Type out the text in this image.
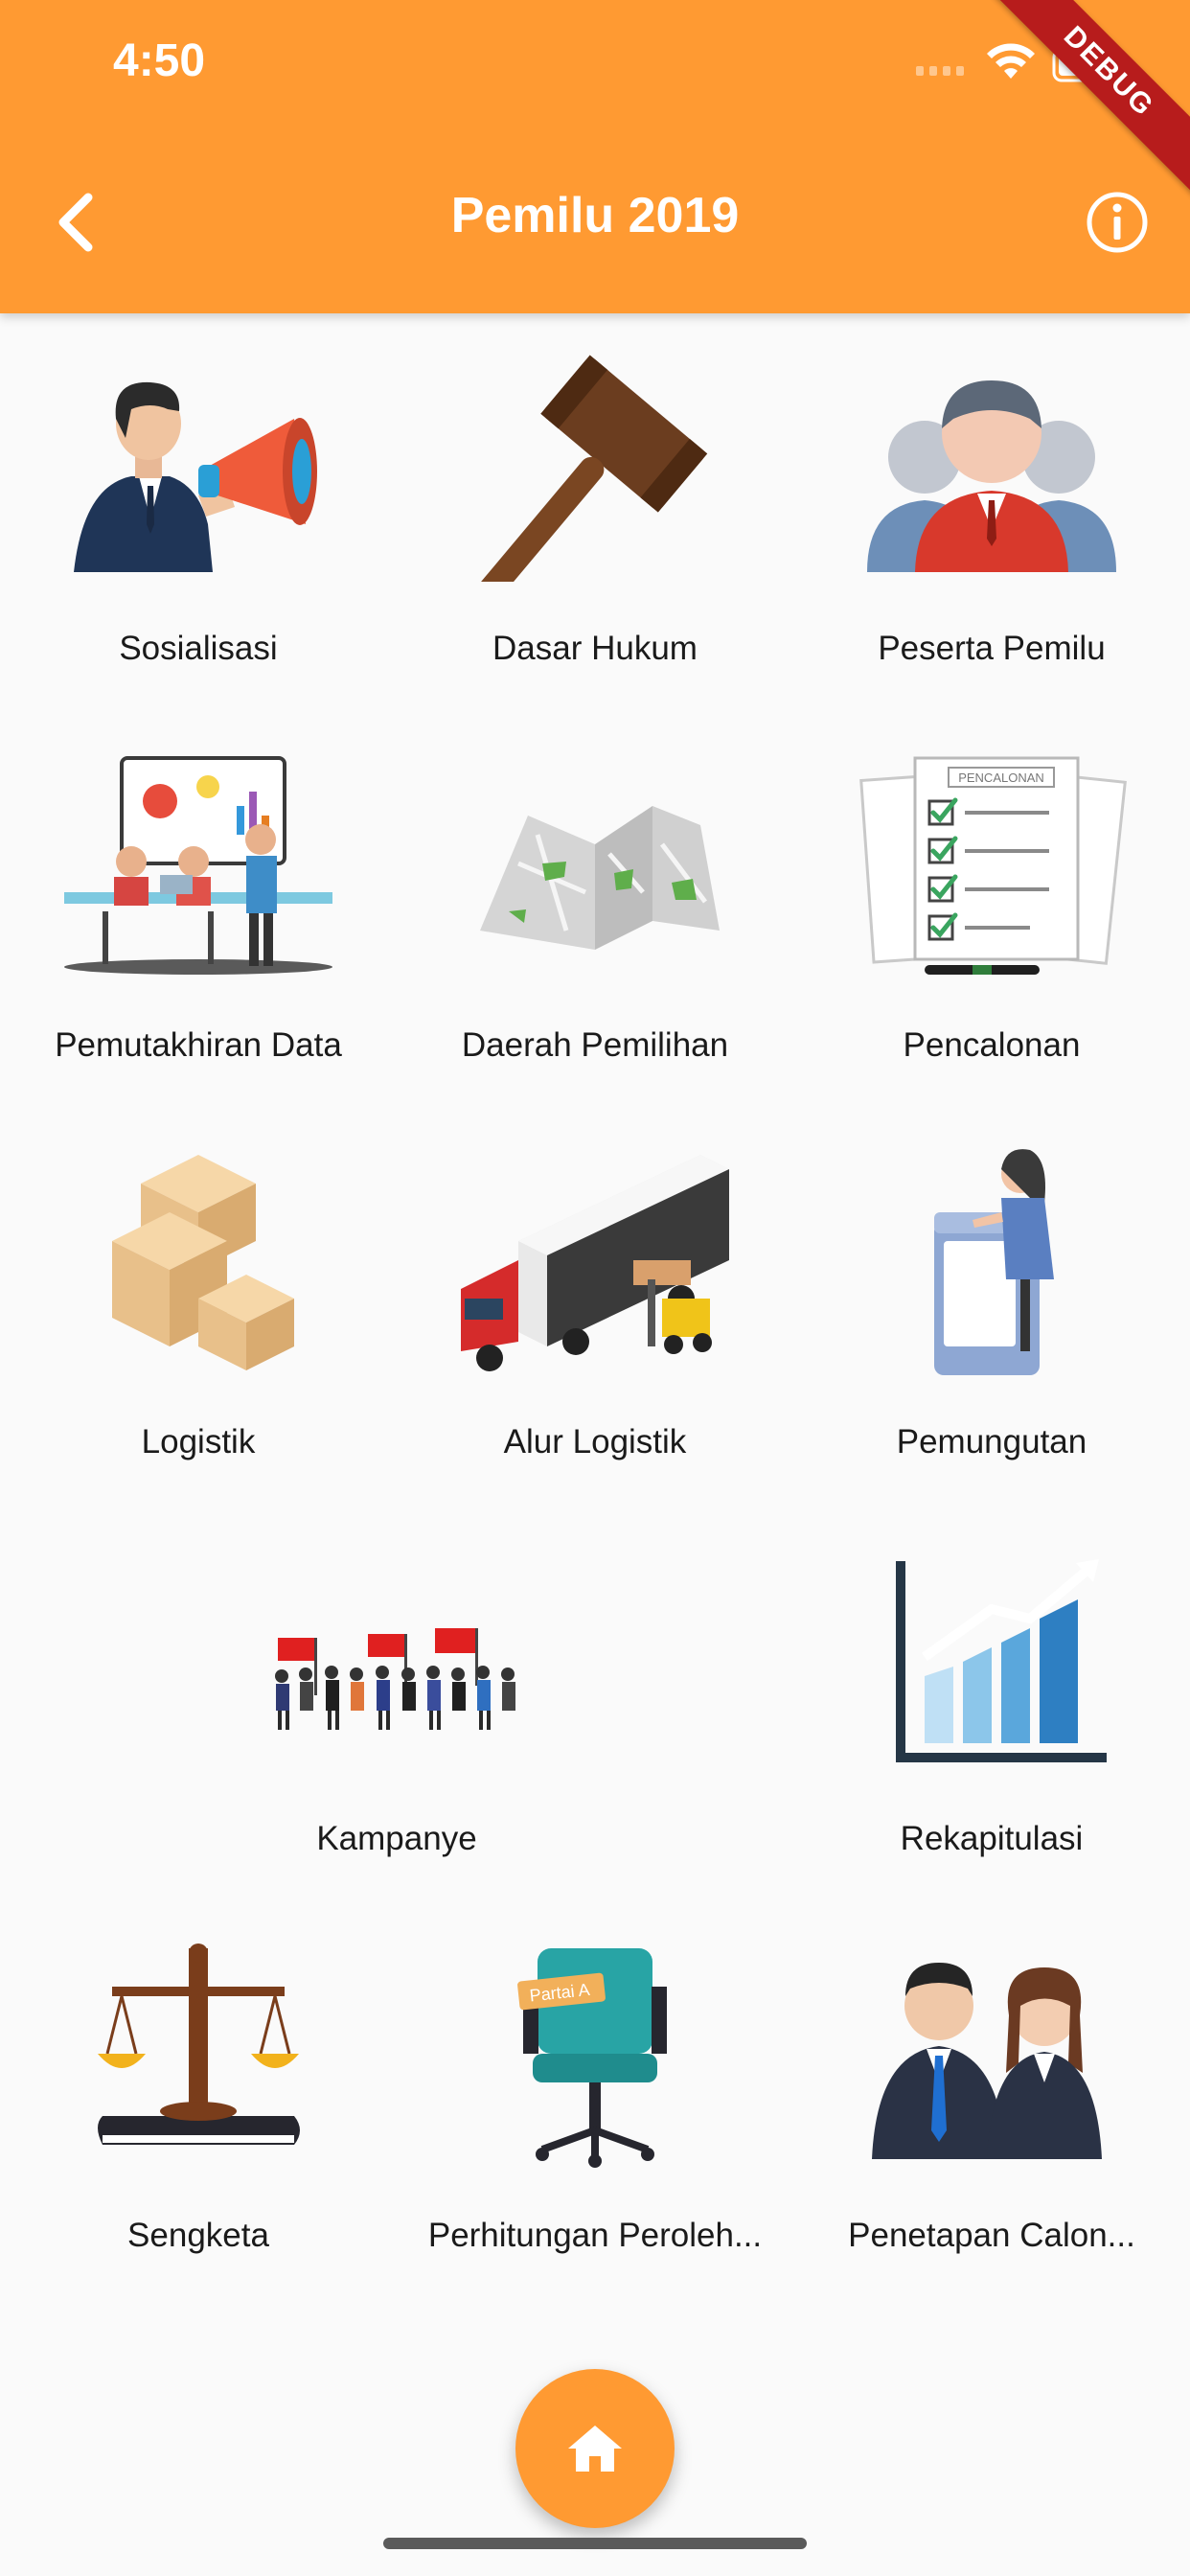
4:50	DEBUG
Pemilu 2019
Sosialisasi	Dasar Hukum	Peserta Pemilu
Pemutakhiran Data	Daerah Pemilihan
PENCALONAN
Pencalonan
Logistik	Alur Logistik	Pemungutan
Kampanye	Rekapitulasi
Sengketa
Partai A
Perhitungan Peroleh...	Penetapan Calon...
